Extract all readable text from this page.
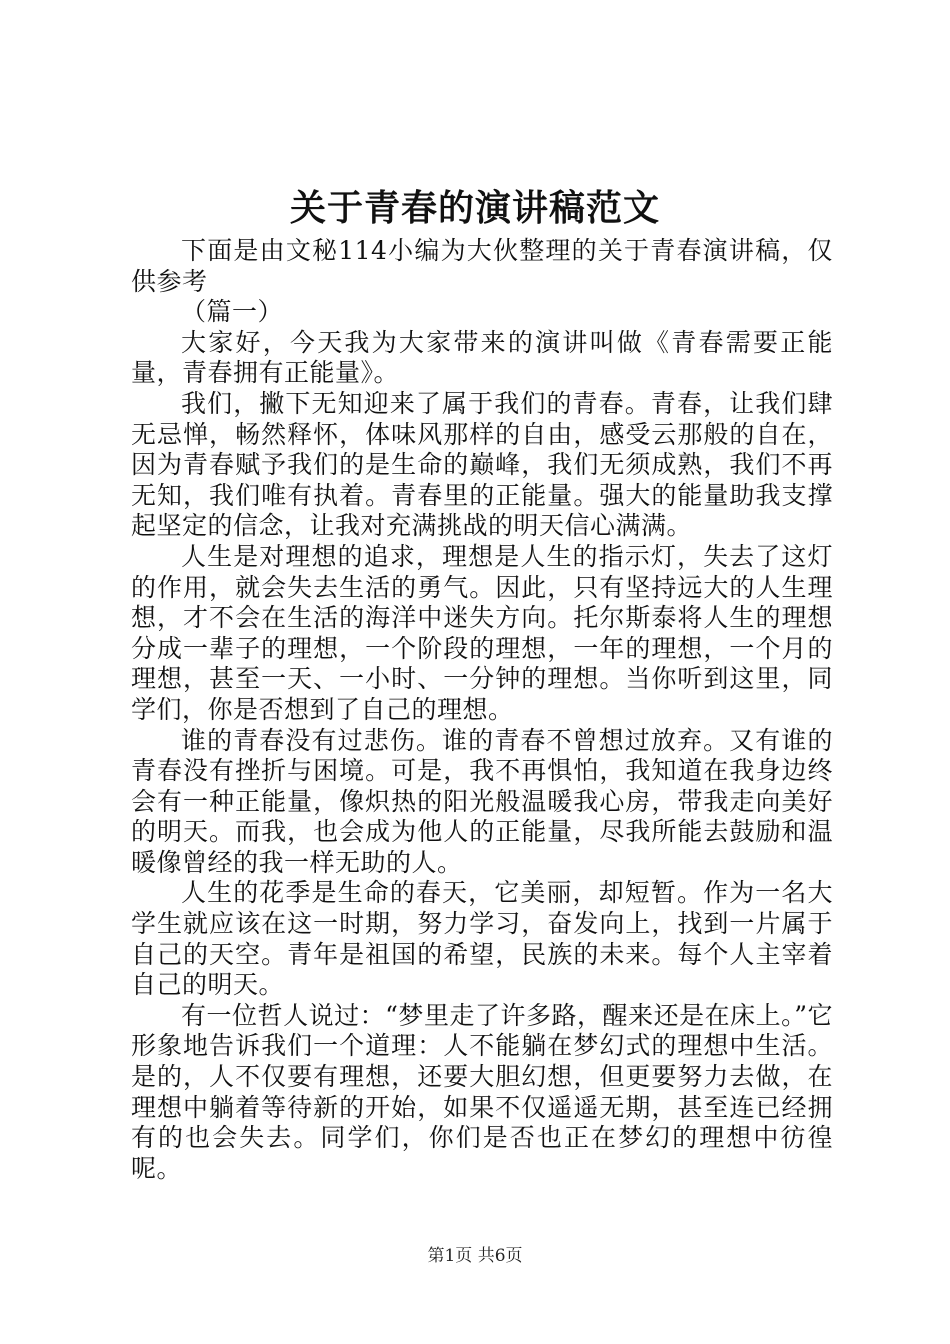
关于青春的演讲稿范文

下面是由文秘114小编为大伙整理的关于青春演讲稿，仅供参考

（篇一）

大家好，今天我为大家带来的演讲叫做《青春需要正能量，青春拥有正能量》。

我们，撇下无知迎来了属于我们的青春。青春，让我们肆无忌惮，畅然释怀，体味风那样的自由，感受云那般的自在，因为青春赋予我们的是生命的巅峰，我们无须成熟，我们不再无知，我们唯有执着。青春里的正能量。强大的能量助我支撑起坚定的信念，让我对充满挑战的明天信心满满。

人生是对理想的追求，理想是人生的指示灯，失去了这灯的作用，就会失去生活的勇气。因此，只有坚持远大的人生理想，才不会在生活的海洋中迷失方向。托尔斯泰将人生的理想分成一辈子的理想，一个阶段的理想，一年的理想，一个月的理想，甚至一天、一小时、一分钟的理想。当你听到这里，同学们，你是否想到了自己的理想。

谁的青春没有过悲伤。谁的青春不曾想过放弃。又有谁的青春没有挫折与困境。可是，我不再惧怕，我知道在我身边终会有一种正能量，像炽热的阳光般温暖我心房，带我走向美好的明天。而我，也会成为他人的正能量，尽我所能去鼓励和温暖像曾经的我一样无助的人。

人生的花季是生命的春天，它美丽，却短暂。作为一名大学生就应该在这一时期，努力学习，奋发向上，找到一片属于自己的天空。青年是祖国的希望，民族的未来。每个人主宰着自己的明天。

有一位哲人说过：“梦里走了许多路，醒来还是在床上。”它形象地告诉我们一个道理：人不能躺在梦幻式的理想中生活。是的，人不仅要有理想，还要大胆幻想，但更要努力去做，在理想中躺着等待新的开始，如果不仅遥遥无期，甚至连已经拥有的也会失去。同学们，你们是否也正在梦幻的理想中彷徨呢。

第1页 共6页
